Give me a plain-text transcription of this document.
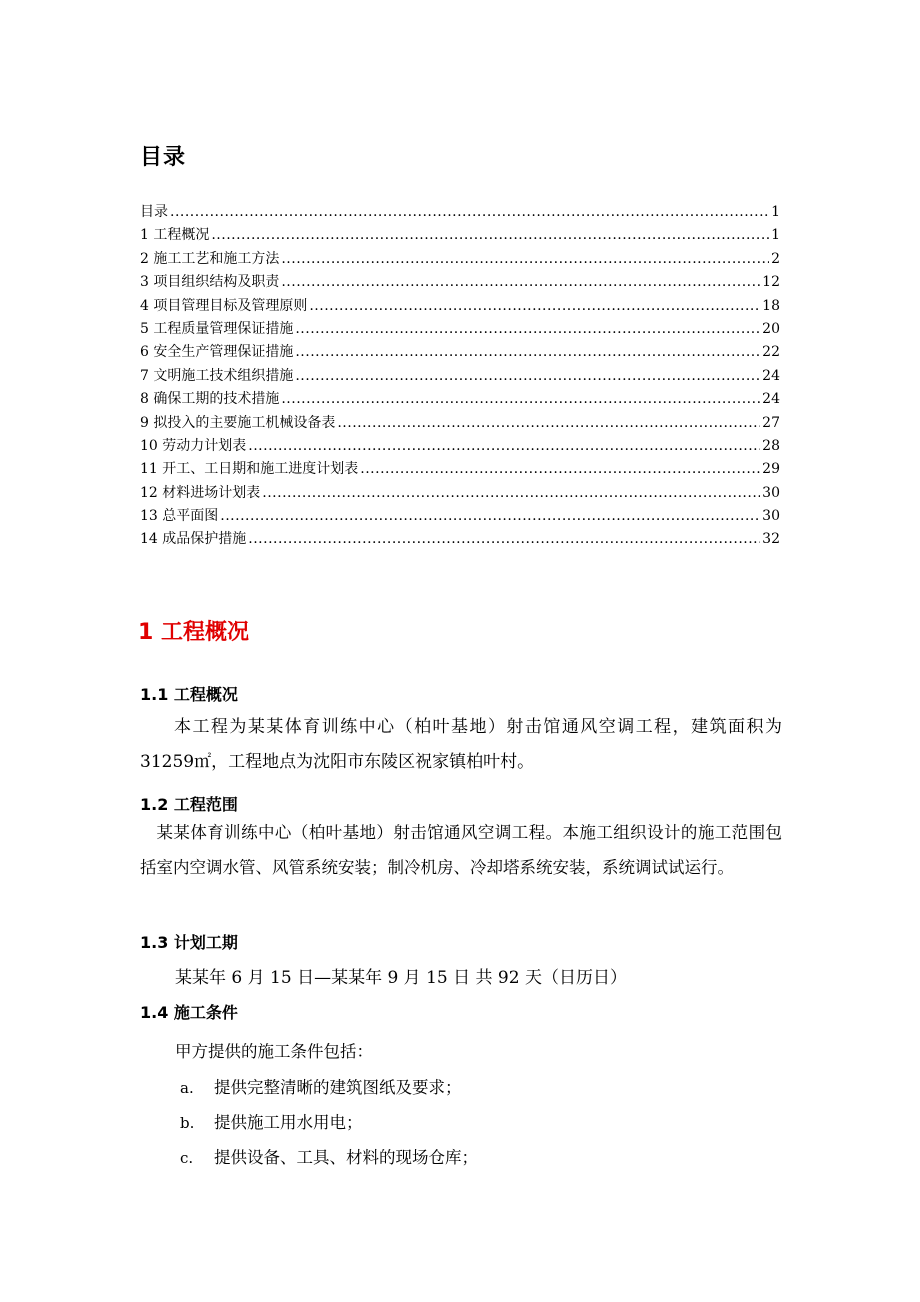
目录
目录 .....	1
1 工程概况 .....	1
2 施工工艺和施工方法 .....	2
3 项目组织结构及职责 .....	12
4 项目管理目标及管理原则 .....	18
5 工程质量管理保证措施 .....	20
6 安全生产管理保证措施 .....	22
7 文明施工技术组织措施 .....	24
8 确保工期的技术措施 .....	24
9 拟投入的主要施工机械设备表 .....	27
10 劳动力计划表 .....	28
11 开工、工日期和施工进度计划表 .....	29
12 材料进场计划表 .....	30
13 总平面图 .....	30
14 成品保护措施 .....	32
1 工程概况
1.1 工程概况

本工程为某某体育训练中心（柏叶基地）射击馆通风空调工程，建筑面积为 31259㎡，工程地点为沈阳市东陵区祝家镇柏叶村。

1.2 工程范围

某某体育训练中心（柏叶基地）射击馆通风空调工程。本施工组织设计的施工范围包括室内空调水管、风管系统安装；制冷机房、冷却塔系统安装，系统调试试运行。

1.3 计划工期
某某年 6 月 15 日—某某年 9 月 15 日 共 92 天（日历日）
1.4 施工条件
甲方提供的施工条件包括：
a. 提供完整清晰的建筑图纸及要求；
b. 提供施工用水用电；
c. 提供设备、工具、材料的现场仓库；
